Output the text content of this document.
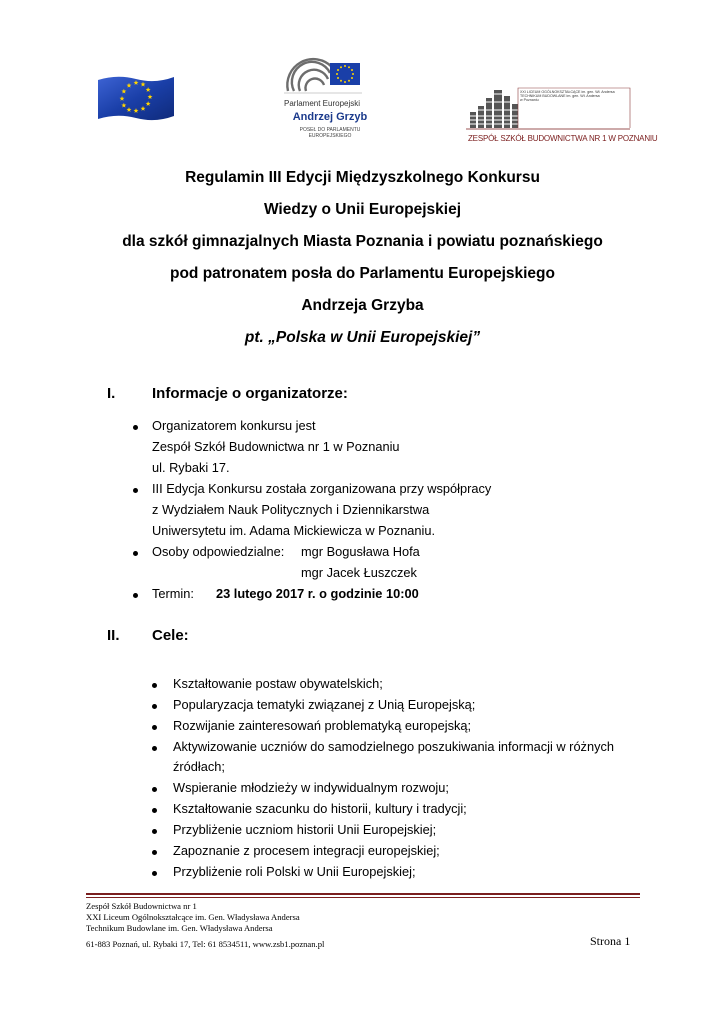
Parlament Europejski
Andrzej Grzyb
POSEŁ DO PARLAMENTU EUROPEJSKIEGO
XXI LICEUM OGÓLNOKSZTAŁCĄCE im. gen. Wł. Andersa
TECHNIKUM BUDOWLANE im. gen. Wł. Andersa
w Poznaniu
ZESPÓŁ SZKÓŁ BUDOWNICTWA NR 1 W POZNANIU
Regulamin III Edycji Międzyszkolnego Konkursu
Wiedzy o Unii Europejskiej
dla szkół gimnazjalnych Miasta Poznania i powiatu poznańskiego
pod patronatem posła do Parlamentu Europejskiego
Andrzeja Grzyba
pt. „Polska w Unii Europejskiej”
I. Informacje o organizatorze:
Organizatorem konkursu jest
Zespół Szkół Budownictwa nr 1 w Poznaniu
ul. Rybaki 17.
III Edycja Konkursu została zorganizowana przy współpracy
z Wydziałem Nauk Politycznych i Dziennikarstwa
Uniwersytetu im. Adama Mickiewicza w Poznaniu.
Osoby odpowiedzialne: mgr Bogusława Hofa
mgr Jacek Łuszczek
Termin: 23 lutego 2017 r. o godzinie 10:00
II. Cele:
Kształtowanie postaw obywatelskich;
Popularyzacja tematyki związanej z Unią Europejską;
Rozwijanie zainteresowań problematyką europejską;
Aktywizowanie uczniów do samodzielnego poszukiwania informacji w różnych
źródłach;
Wspieranie młodzieży w indywidualnym rozwoju;
Kształtowanie szacunku do historii, kultury i tradycji;
Przybliżenie uczniom historii Unii Europejskiej;
Zapoznanie z procesem integracji europejskiej;
Przybliżenie roli Polski w Unii Europejskiej;
Zespół Szkół Budownictwa nr 1
XXI Liceum Ogólnokształcące im. Gen. Władysława Andersa
Technikum Budowlane im. Gen. Władysława Andersa
61-883 Poznań, ul. Rybaki 17, Tel: 61 8534511, www.zsb1.poznan.pl	Strona 1
